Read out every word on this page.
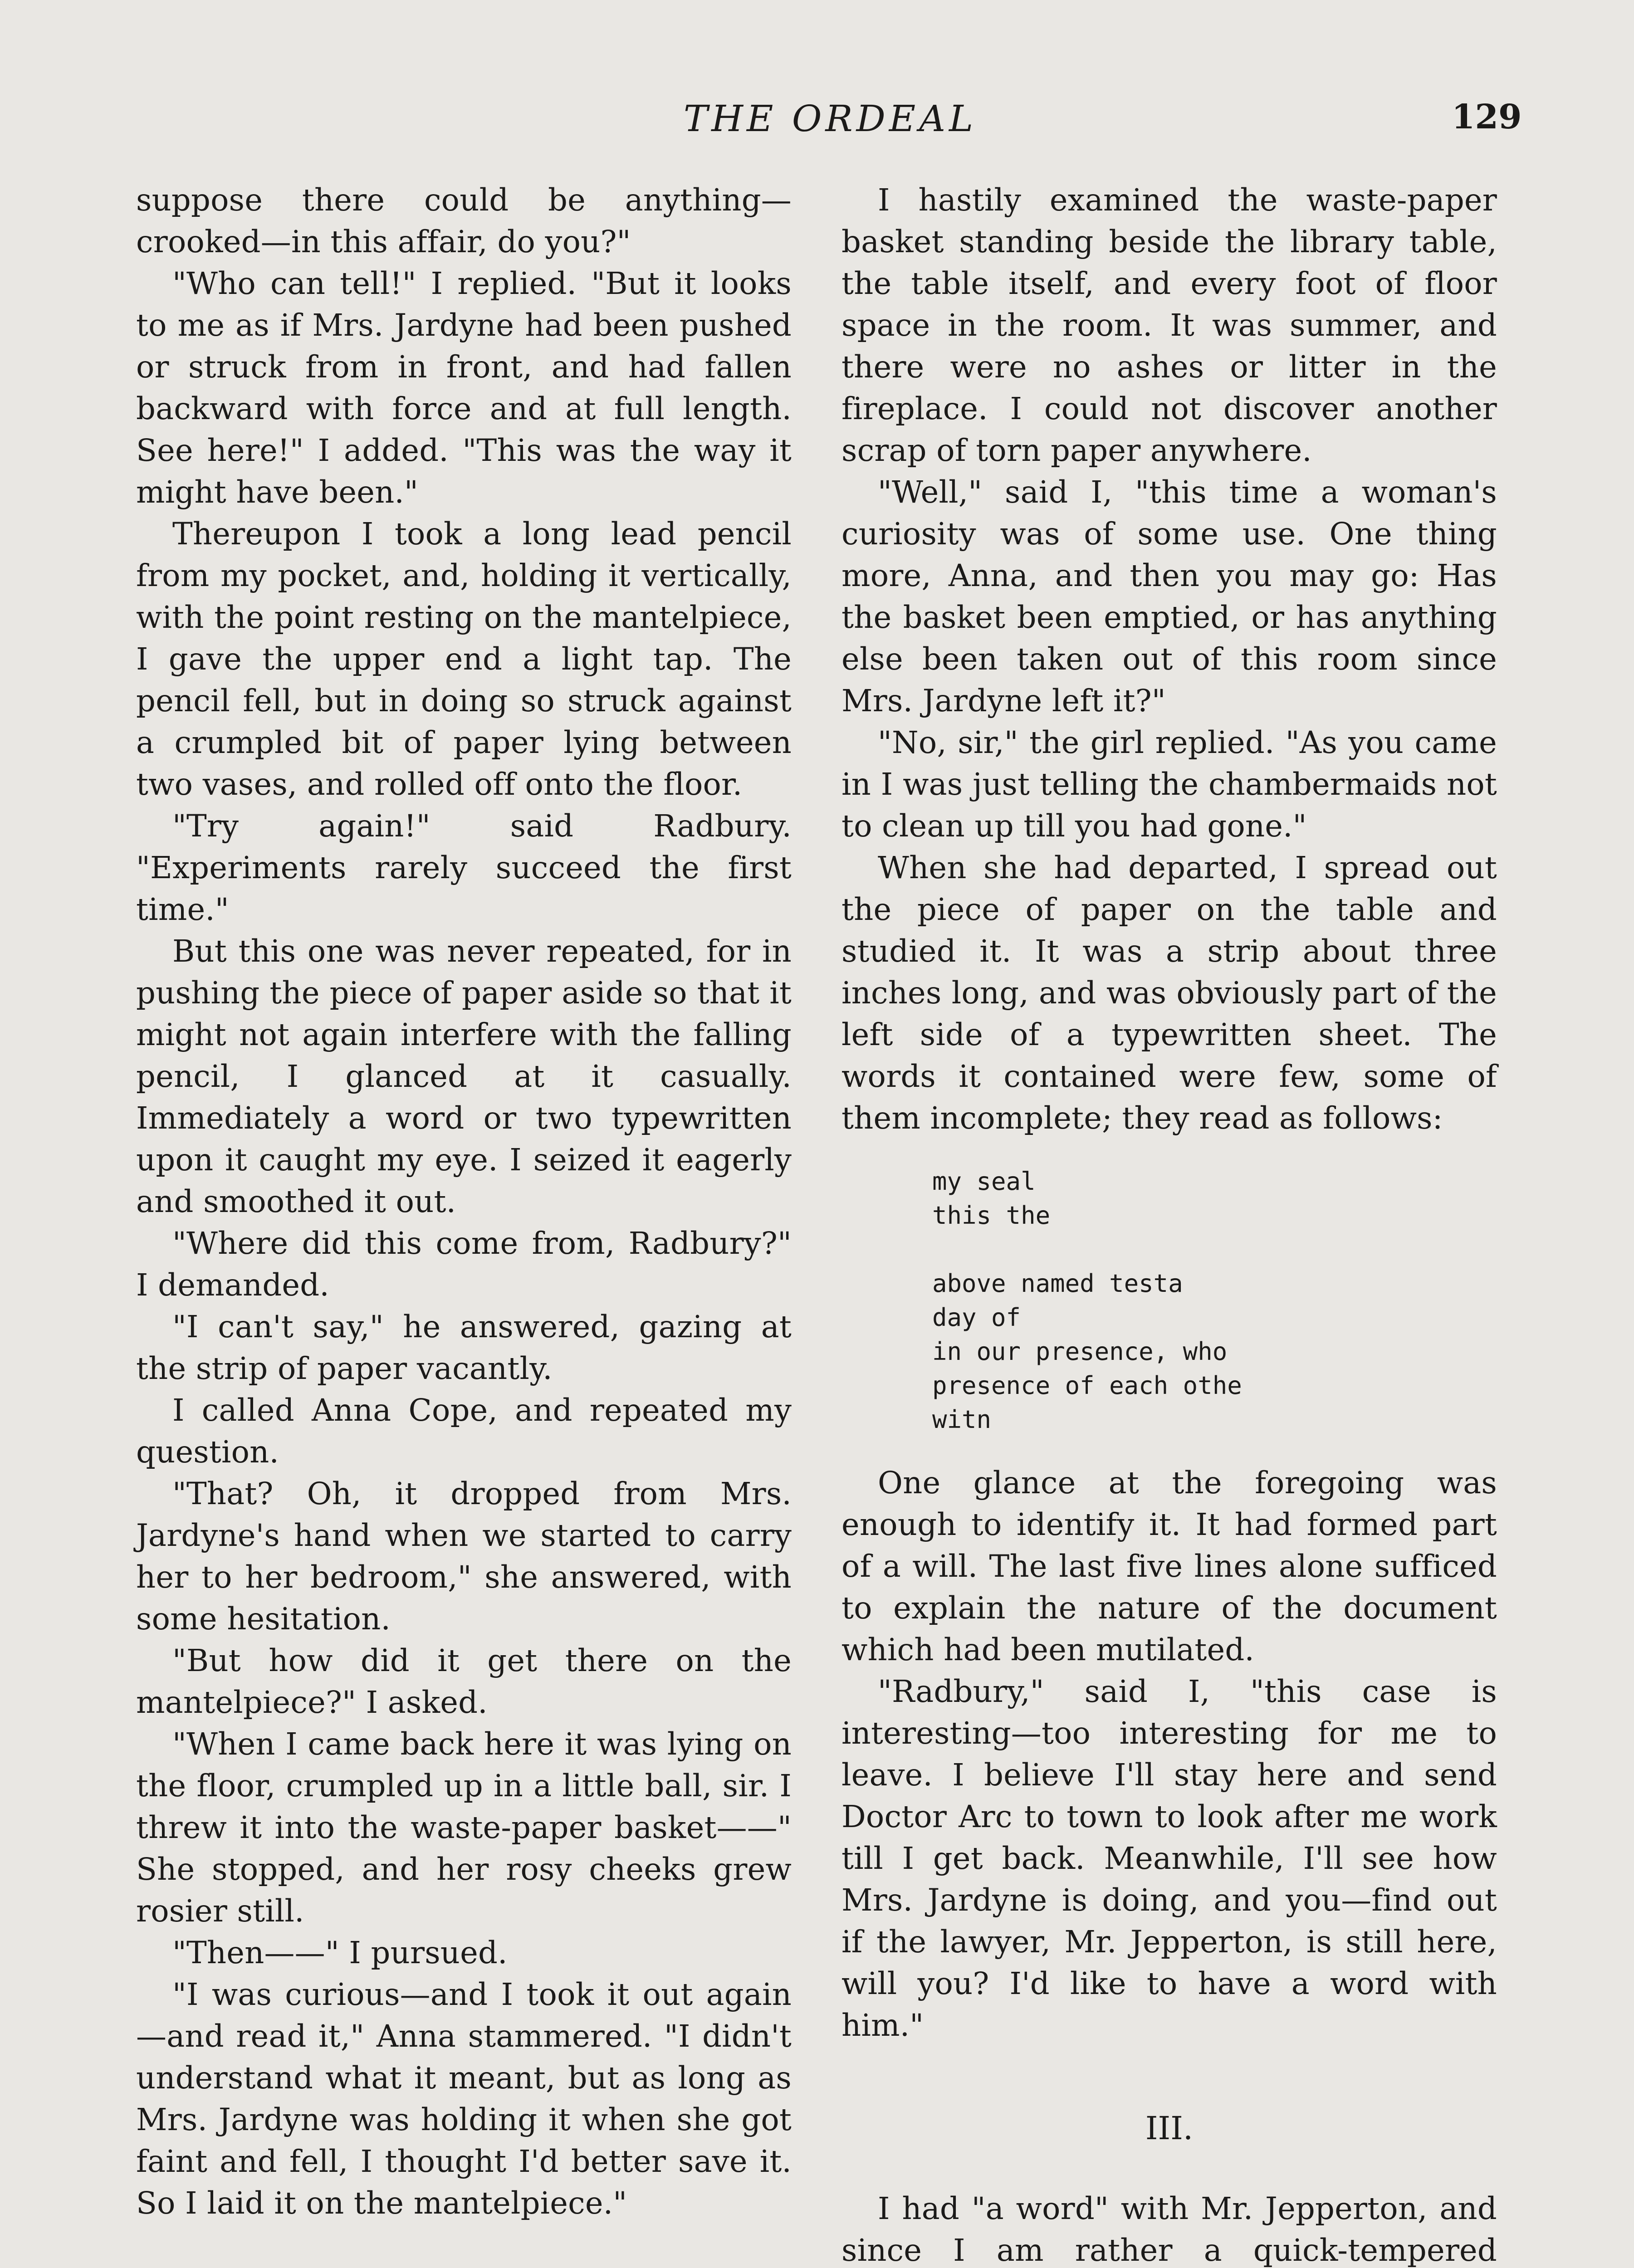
THE ORDEAL	129

suppose there could be anything—crooked—in this affair, do you?"

"Who can tell!" I replied. "But it looks to me as if Mrs. Jardyne had been pushed or struck from in front, and had fallen backward with force and at full length. See here!" I added. "This was the way it might have been."

Thereupon I took a long lead pencil from my pocket, and, holding it vertically, with the point resting on the mantelpiece, I gave the upper end a light tap. The pencil fell, but in doing so struck against a crumpled bit of paper lying between two vases, and rolled off onto the floor.

"Try again!" said Radbury. "Experiments rarely succeed the first time."

But this one was never repeated, for in pushing the piece of paper aside so that it might not again interfere with the falling pencil, I glanced at it casually. Immediately a word or two typewritten upon it caught my eye. I seized it eagerly and smoothed it out.

"Where did this come from, Radbury?" I demanded.

"I can't say," he answered, gazing at the strip of paper vacantly.

I called Anna Cope, and repeated my question.

"That? Oh, it dropped from Mrs. Jardyne's hand when we started to carry her to her bedroom," she answered, with some hesitation.

"But how did it get there on the mantelpiece?" I asked.

"When I came back here it was lying on the floor, crumpled up in a little ball, sir. I threw it into the waste-paper basket——" She stopped, and her rosy cheeks grew rosier still.

"Then——" I pursued.

"I was curious—and I took it out again—and read it," Anna stammered. "I didn't understand what it meant, but as long as Mrs. Jardyne was holding it when she got faint and fell, I thought I'd better save it. So I laid it on the mantelpiece."

I hastily examined the waste-paper basket standing beside the library table, the table itself, and every foot of floor space in the room. It was summer, and there were no ashes or litter in the fireplace. I could not discover another scrap of torn paper anywhere.

"Well," said I, "this time a woman's curiosity was of some use. One thing more, Anna, and then you may go: Has the basket been emptied, or has anything else been taken out of this room since Mrs. Jardyne left it?"

"No, sir," the girl replied. "As you came in I was just telling the chambermaids not to clean up till you had gone."

When she had departed, I spread out the piece of paper on the table and studied it. It was a strip about three inches long, and was obviously part of the left side of a typewritten sheet. The words it contained were few, some of them incomplete; they read as follows:

my seal
this the
above named testa
day of
in our presence, who
presence of each othe
witn

One glance at the foregoing was enough to identify it. It had formed part of a will. The last five lines alone sufficed to explain the nature of the document which had been mutilated.

"Radbury," said I, "this case is interesting—too interesting for me to leave. I believe I'll stay here and send Doctor Arc to town to look after me work till I get back. Meanwhile, I'll see how Mrs. Jardyne is doing, and you—find out if the lawyer, Mr. Jepperton, is still here, will you? I'd like to have a word with him."

III.

I had "a word" with Mr. Jepperton, and since I am rather a quick-tempered
